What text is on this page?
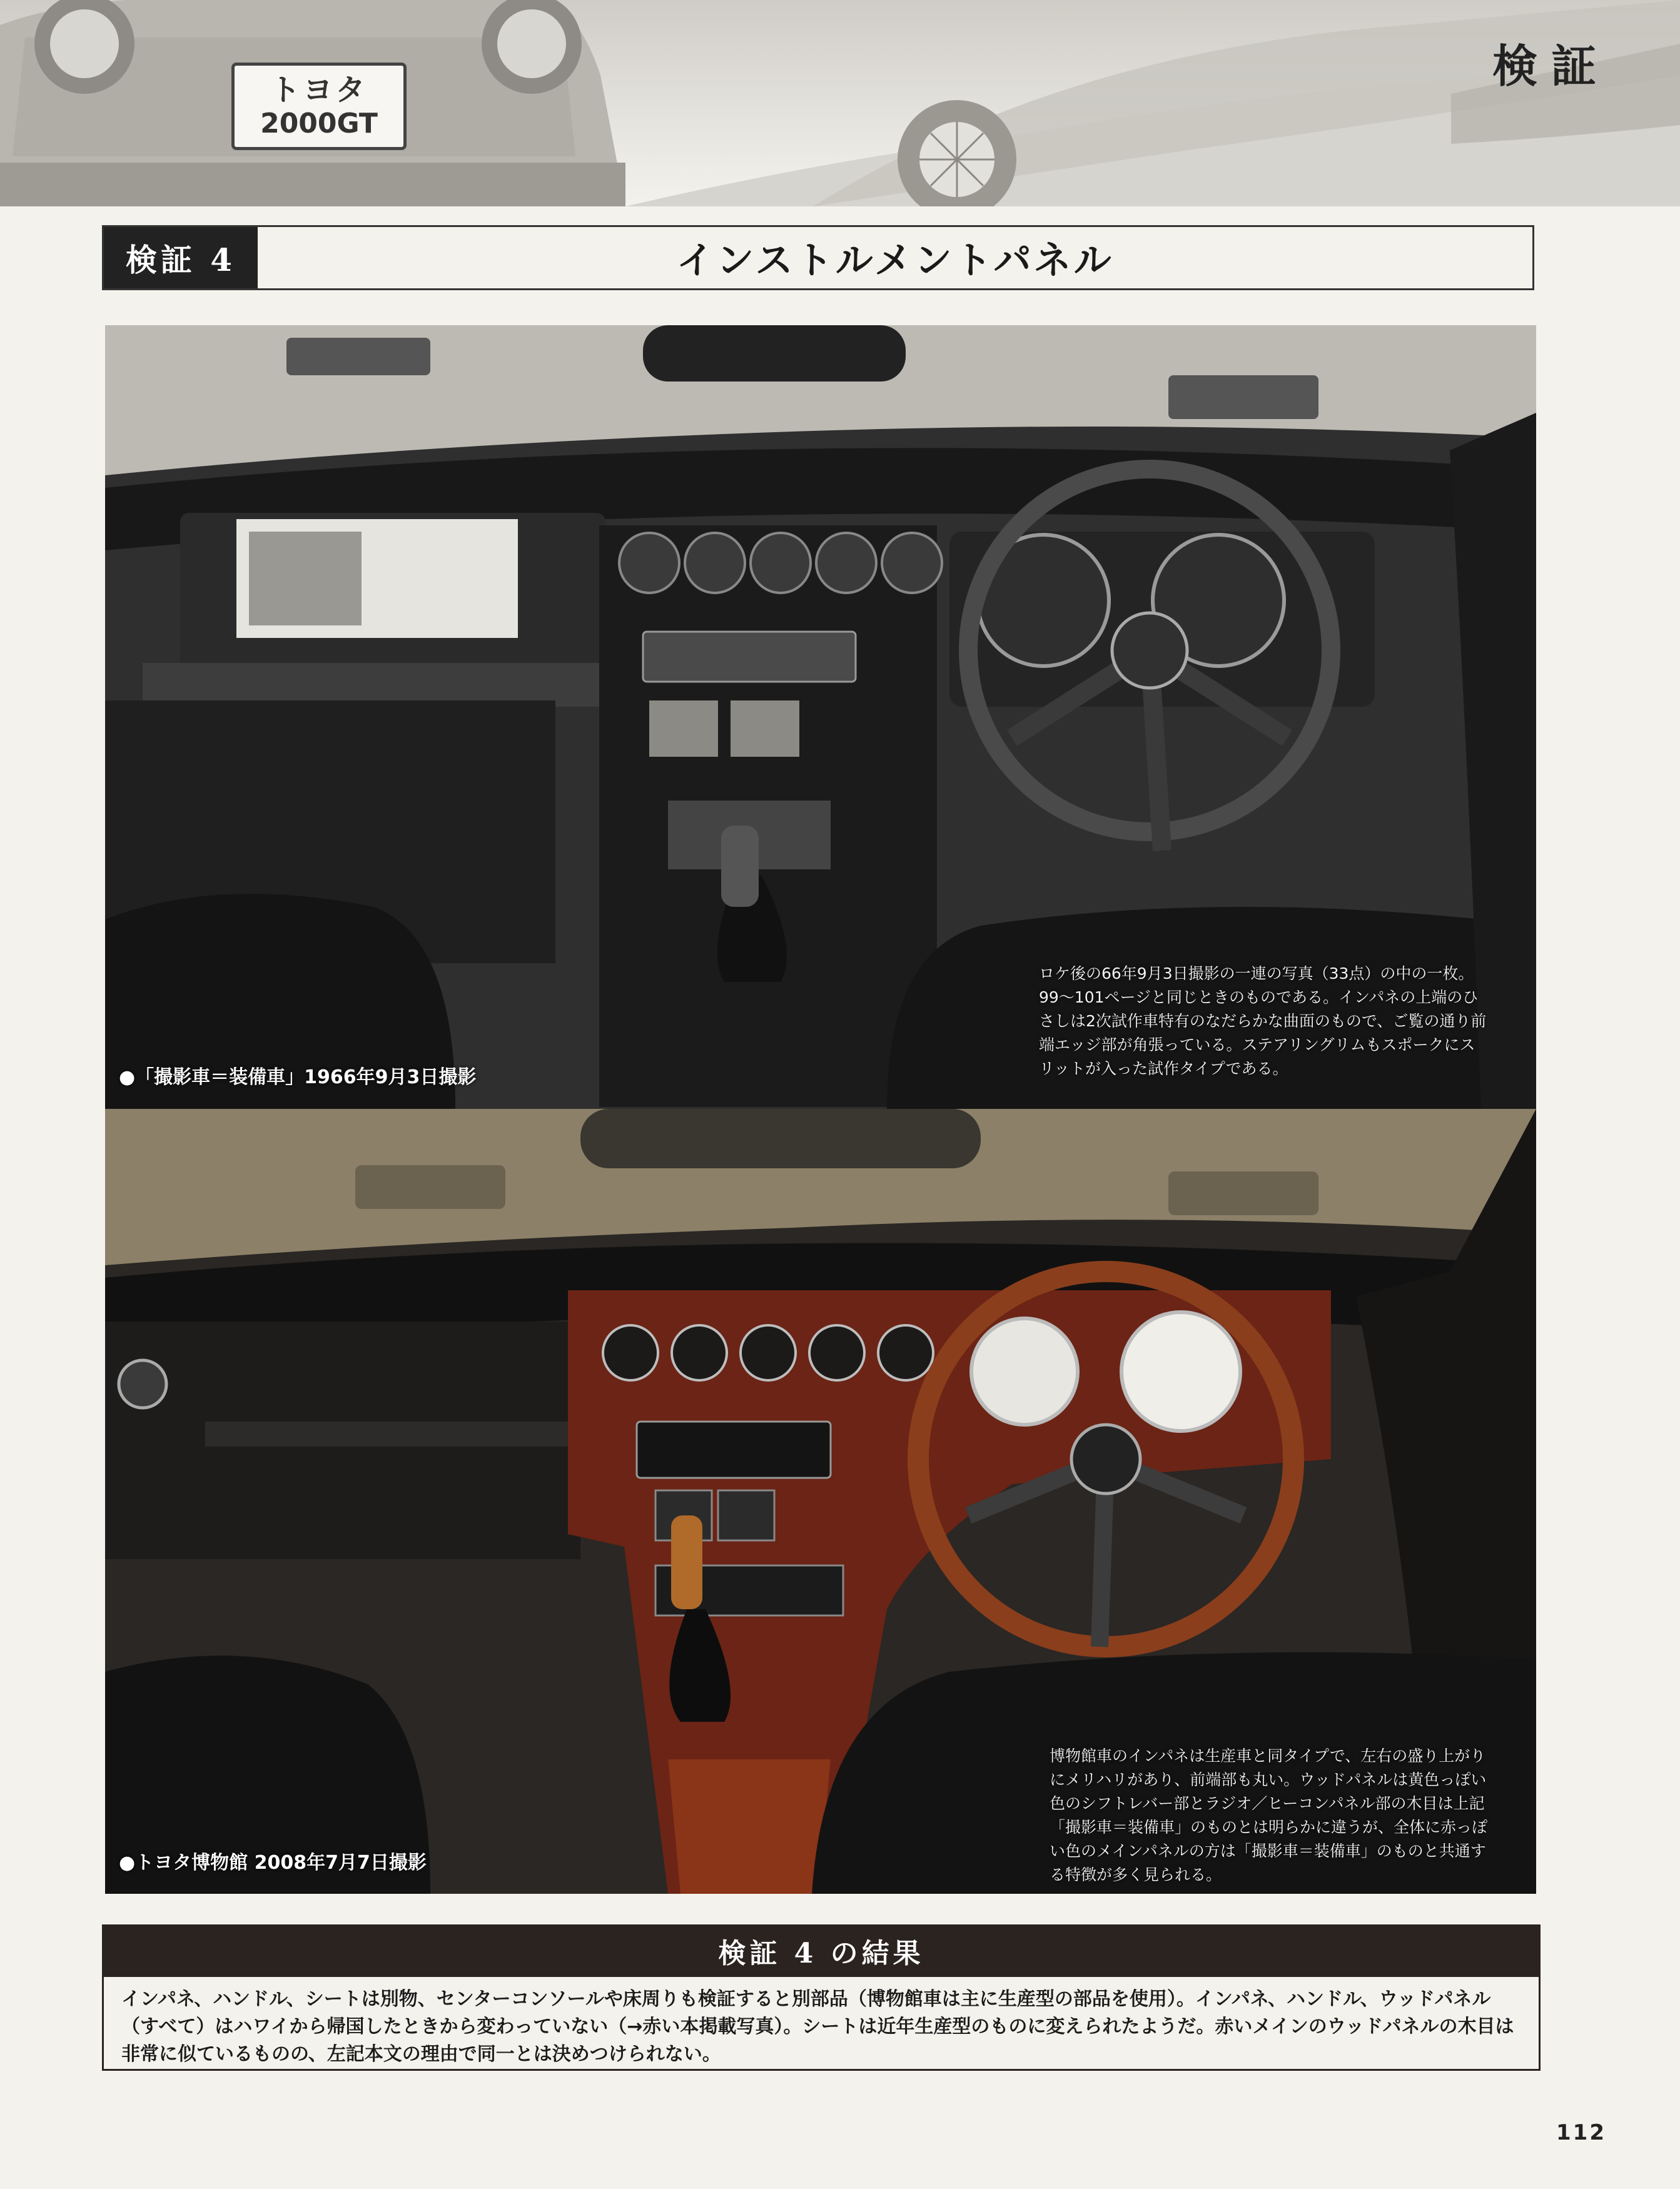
トヨタ
2000GT
検証
検証 4	インストルメントパネル
●「撮影車＝装備車」1966年9月3日撮影
ロケ後の66年9月3日撮影の一連の写真（33点）の中の一枚。99〜101ページと同じときのものである。インパネの上端のひさしは2次試作車特有のなだらかな曲面のもので、ご覧の通り前端エッジ部が角張っている。ステアリングリムもスポークにスリットが入った試作タイプである。
●トヨタ博物館 2008年7月7日撮影
博物館車のインパネは生産車と同タイプで、左右の盛り上がりにメリハリがあり、前端部も丸い。ウッドパネルは黄色っぽい色のシフトレバー部とラジオ／ヒーコンパネル部の木目は上記「撮影車＝装備車」のものとは明らかに違うが、全体に赤っぽい色のメインパネルの方は「撮影車＝装備車」のものと共通する特徴が多く見られる。
検証 4 の結果
インパネ、ハンドル、シートは別物、センターコンソールや床周りも検証すると別部品（博物館車は主に生産型の部品を使用）。インパネ、ハンドル、ウッドパネル（すべて）はハワイから帰国したときから変わっていない（→赤い本掲載写真）。シートは近年生産型のものに変えられたようだ。赤いメインのウッドパネルの木目は非常に似ているものの、左記本文の理由で同一とは決めつけられない。
112
